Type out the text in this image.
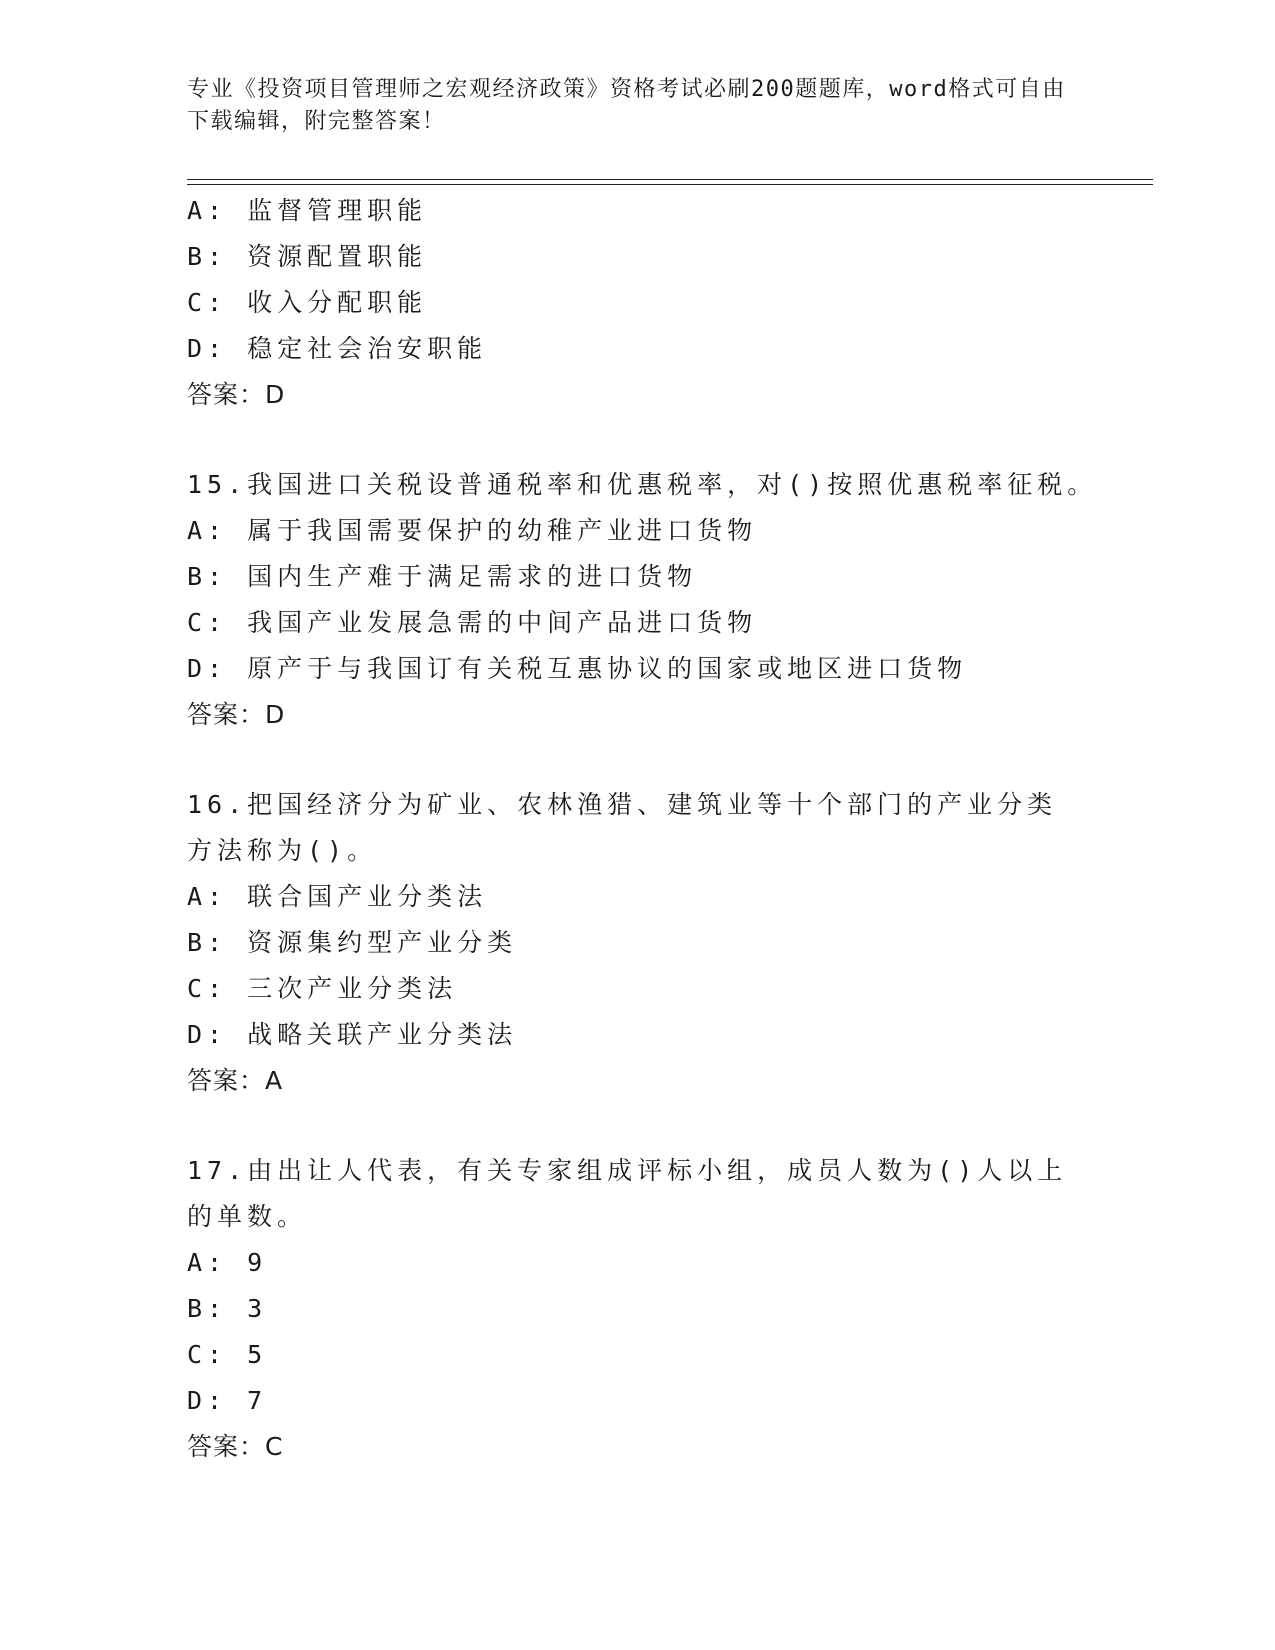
专业《投资项目管理师之宏观经济政策》资格考试必刷200题题库，word格式可自由下载编辑，附完整答案！
A: 监督管理职能
B: 资源配置职能
C: 收入分配职能
D: 稳定社会治安职能
答案：D
15.我国进口关税设普通税率和优惠税率，对()按照优惠税率征税。
A: 属于我国需要保护的幼稚产业进口货物
B: 国内生产难于满足需求的进口货物
C: 我国产业发展急需的中间产品进口货物
D: 原产于与我国订有关税互惠协议的国家或地区进口货物
答案：D
16.把国经济分为矿业、农林渔猎、建筑业等十个部门的产业分类方法称为()。
A: 联合国产业分类法
B: 资源集约型产业分类
C: 三次产业分类法
D: 战略关联产业分类法
答案：A
17.由出让人代表，有关专家组成评标小组，成员人数为()人以上的单数。
A: 9
B: 3
C: 5
D: 7
答案：C
